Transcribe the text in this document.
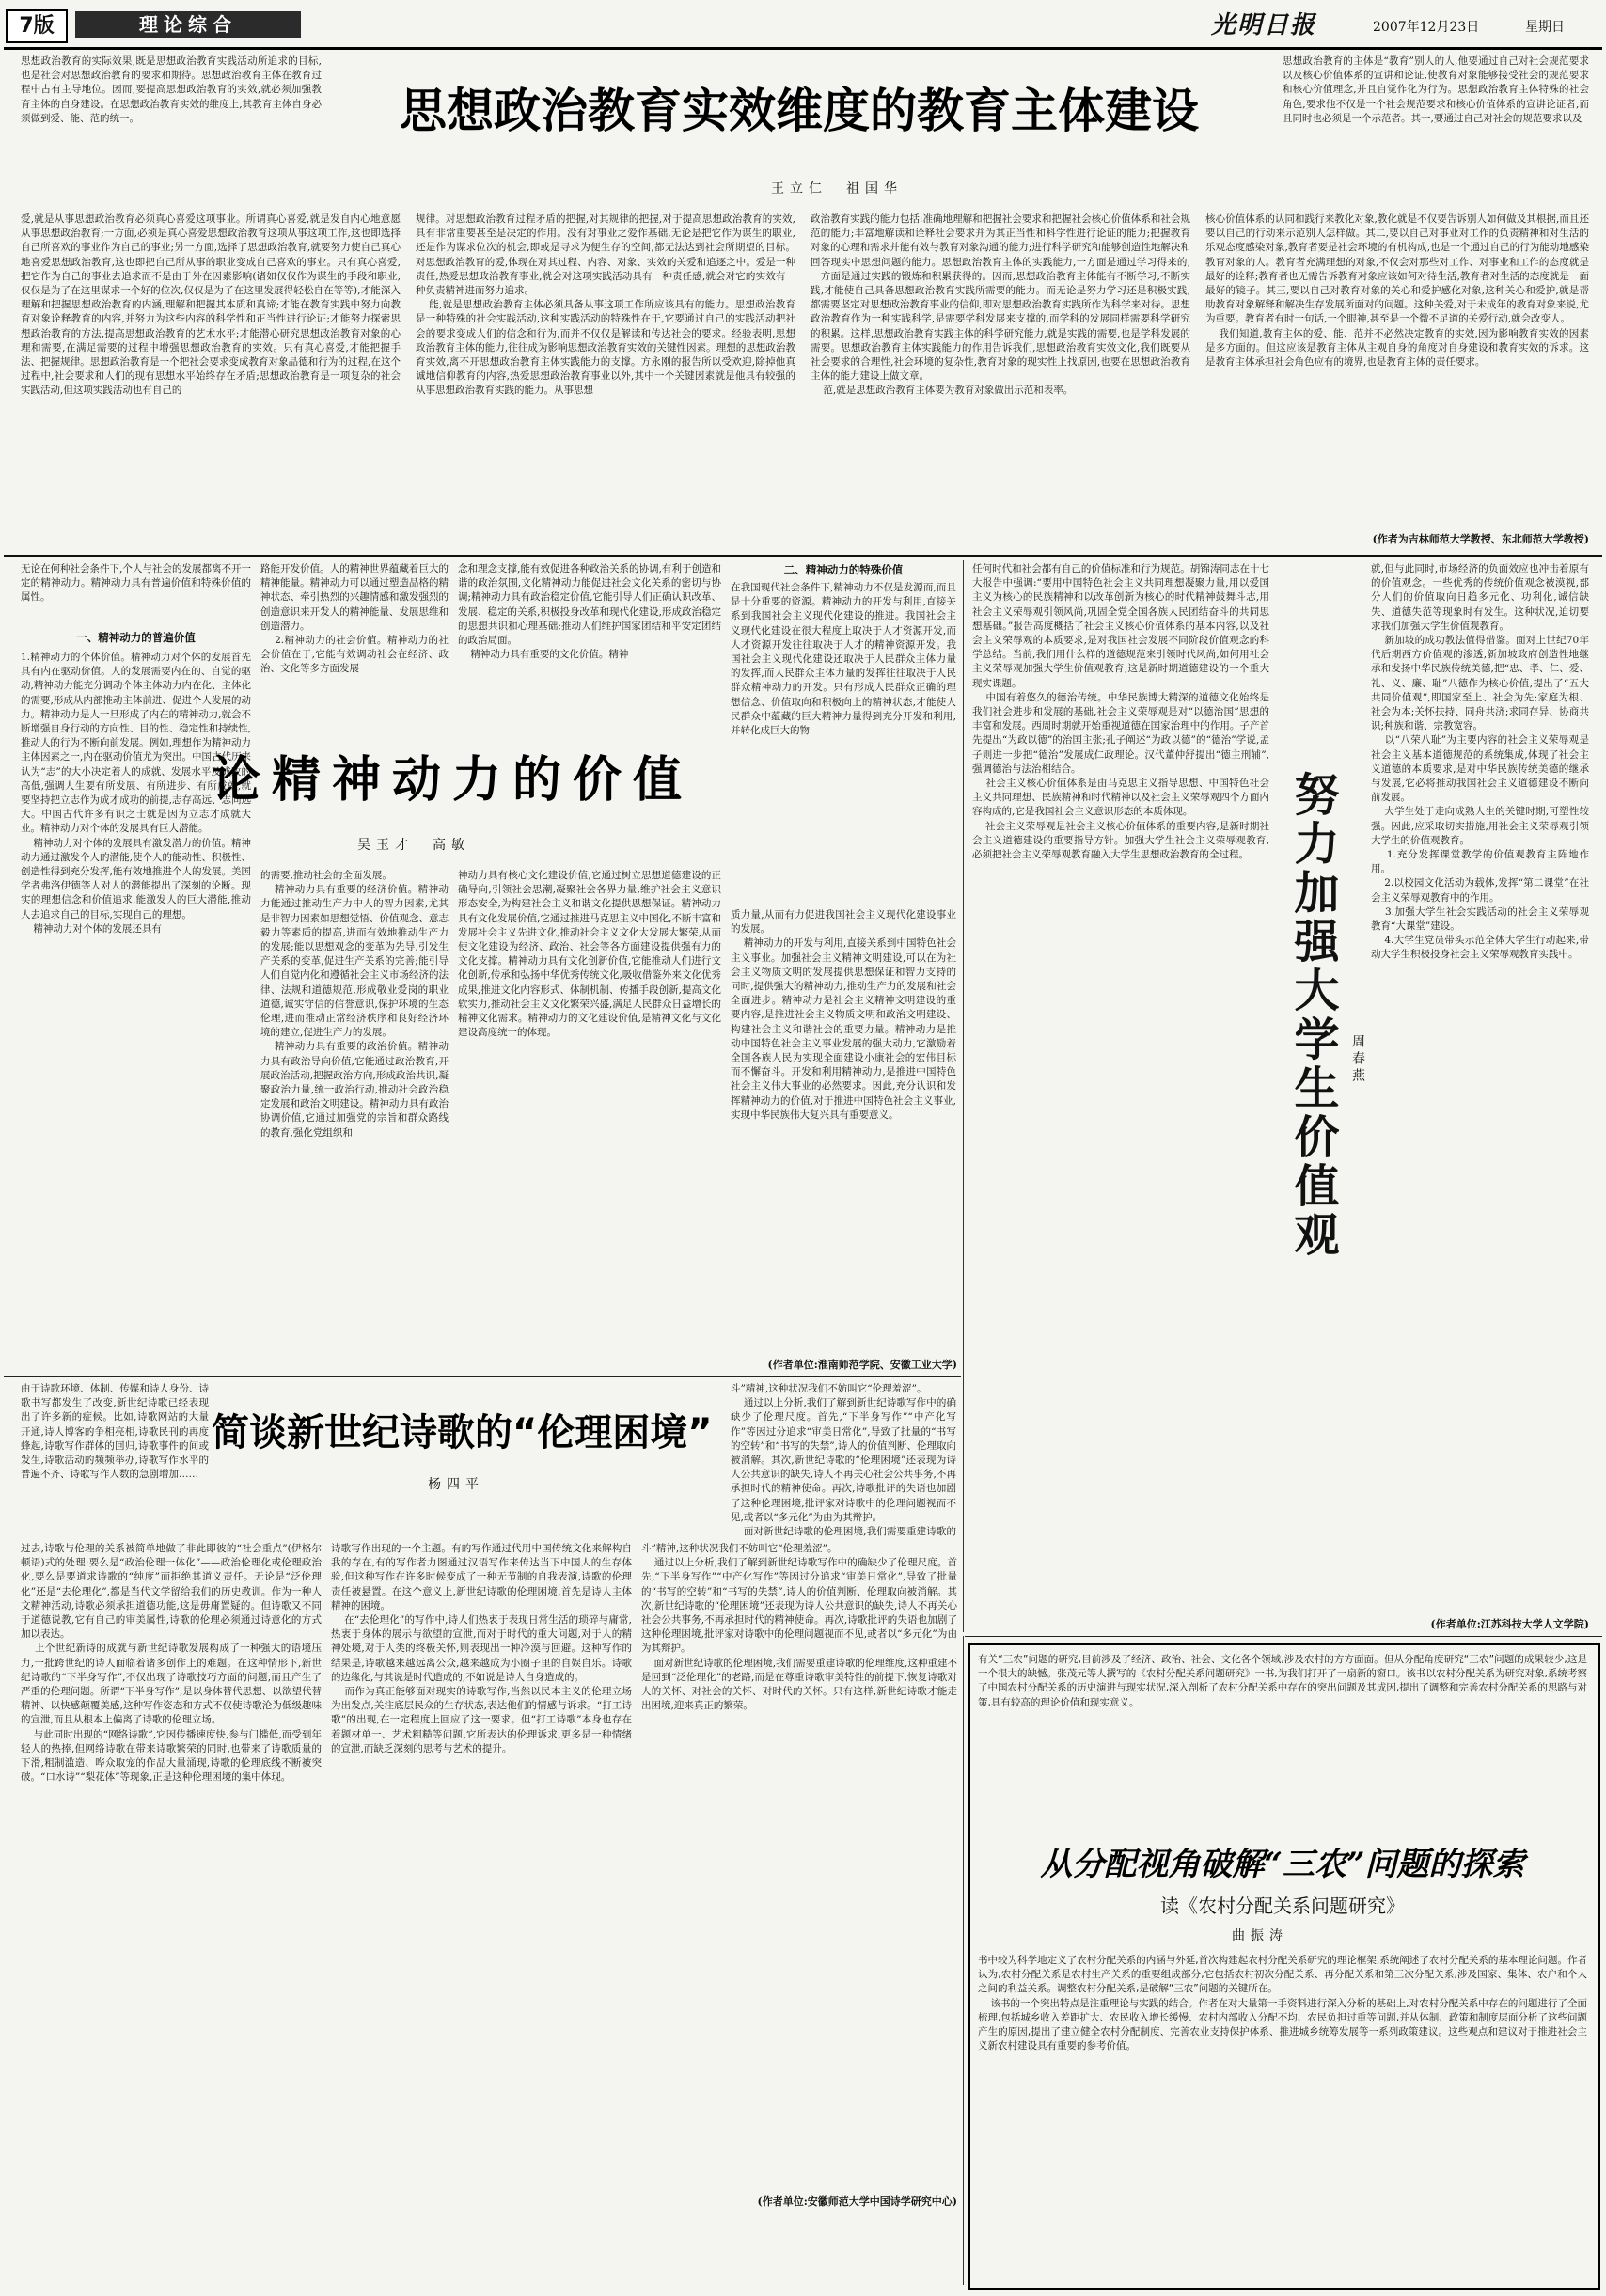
7版	理论综合	光明日报	2007年12月23日	星期日
思想政治教育的实际效果,既是思想政治教育实践活动所追求的目标,也是社会对思想政治教育的要求和期待。思想政治教育主体在教育过程中占有主导地位。因而,要提高思想政治教育的实效,就必须加强教育主体的自身建设。在思想政治教育实效的维度上,其教育主体自身必须做到爱、能、范的统一。	思想政治教育实效维度的教育主体建设
王立仁　祖国华
思想政治教育的主体是“教育”别人的人,他要通过自己对社会规范要求以及核心价值体系的宣讲和论证,使教育对象能够接受社会的规范要求和核心价值理念,并且自觉作化为行为。思想政治教育主体特殊的社会角色,要求他不仅是一个社会规范要求和核心价值体系的宣讲论证者,而且同时也必须是一个示范者。其一,要通过自己对社会的规范要求以及
爱,就是从事思想政治教育必须真心喜爱这项事业。所谓真心喜爱,就是发自内心地意愿从事思想政治教育;一方面,必须是真心喜爱思想政治教育这项从事这项工作,这也即选择自己所喜欢的事业作为自己的事业;另一方面,选择了思想政治教育,就要努力使自己真心地喜爱思想政治教育,这也即把自己所从事的职业变成自己喜欢的事业。只有真心喜爱,把它作为自己的事业去追求而不是由于外在因素影响(诸如仅仅作为谋生的手段和职业,仅仅是为了在这里谋求一个好的位次,仅仅是为了在这里发展得轻松自在等等),才能深入理解和把握思想政治教育的内涵,理解和把握其本质和真谛;才能在教育实践中努力向教育对象诠释教育的内容,并努力为这些内容的科学性和正当性进行论证;才能努力探索思想政治教育的方法,提高思想政治教育的艺术水平;才能潜心研究思想政治教育对象的心理和需要,在满足需要的过程中增强思想政治教育的实效。只有真心喜爱,才能把握手法、把握规律。思想政治教育是一个把社会要求变成教育对象品德和行为的过程,在这个过程中,社会要求和人们的现有思想水平始终存在矛盾;思想政治教育是一项复杂的社会实践活动,但这项实践活动也有自己的
规律。对思想政治教育过程矛盾的把握,对其规律的把握,对于提高思想政治教育的实效,具有非常重要甚至是决定的作用。没有对事业之爱作基础,无论是把它作为谋生的职业,还是作为谋求位次的机会,即或是寻求为便生存的空间,都无法达到社会所期望的目标。对思想政治教育的爱,体现在对其过程、内容、对象、实效的关爱和追逐之中。爱是一种责任,热爱思想政治教育事业,就会对这项实践活动具有一种责任感,就会对它的实效有一种负责精神进而努力追求。
能,就是思想政治教育主体必须具备从事这项工作所应该具有的能力。思想政治教育是一种特殊的社会实践活动,这种实践活动的特殊性在于,它要通过自己的实践活动把社会的要求变成人们的信念和行为,而并不仅仅是解读和传达社会的要求。经验表明,思想政治教育主体的能力,往往成为影响思想政治教育实效的关键性因素。理想的思想政治教育实效,离不开思想政治教育主体实践能力的支撑。方永刚的报告所以受欢迎,除掉他真诚地信仰教育的内容,热爱思想政治教育事业以外,其中一个关键因素就是他具有较强的从事思想政治教育实践的能力。从事思想
政治教育实践的能力包括:准确地理解和把握社会要求和把握社会核心价值体系和社会规范的能力;丰富地解读和诠释社会要求并为其正当性和科学性进行论证的能力;把握教育对象的心理和需求并能有效与教育对象沟通的能力;进行科学研究和能够创造性地解决和回答现实中思想问题的能力。思想政治教育主体的实践能力,一方面是通过学习得来的,一方面是通过实践的锻炼和积累获得的。因而,思想政治教育主体能有不断学习,不断实践,才能使自己具备思想政治教育实践所需要的能力。而无论是努力学习还是积极实践,都需要坚定对思想政治教育事业的信仰,即对思想政治教育实践所作为科学来对待。思想政治教育作为一种实践科学,是需要学科发展来支撑的,而学科的发展同样需要科学研究的积累。这样,思想政治教育实践主体的科学研究能力,就是实践的需要,也是学科发展的需要。思想政治教育主体实践能力的作用告诉我们,思想政治教育实效文化,我们既要从社会要求的合理性,社会环境的复杂性,教育对象的现实性上找原因,也要在思想政治教育主体的能力建设上做文章。
范,就是思想政治教育主体要为教育对象做出示范和表率。
核心价值体系的认同和践行来教化对象,教化就是不仅要告诉别人如何做及其根据,而且还要以自己的行动来示范别人怎样做。其二,要以自己对事业对工作的负责精神和对生活的乐观态度感染对象,教育者要是社会环境的有机构成,也是一个通过自己的行为能动地感染教育对象的人。教育者充满理想的对象,不仅会对那些对工作、对事业和工作的态度就是最好的诠释;教育者也无需告诉教育对象应该如何对待生活,教育者对生活的态度就是一面最好的镜子。其三,要以自己对教育对象的关心和爱护感化对象,这种关心和爱护,就是帮助教育对象解释和解决生存发展所面对的问题。这种关爱,对于未成年的教育对象来说,尤为重要。教育者有时一句话,一个眼神,甚至是一个微不足道的关爱行动,就会改变人。
我们知道,教育主体的爱、能、范并不必然决定教育的实效,因为影响教育实效的因素是多方面的。但这应该是教育主体从主观自身的角度对自身建设和教育实效的诉求。这是教育主体承担社会角色应有的境界,也是教育主体的责任要求。
(作者为吉林师范大学教授、东北师范大学教授)
无论在何种社会条件下,个人与社会的发展都离不开一定的精神动力。精神动力具有普遍价值和特殊价值的属性。
一、精神动力的普遍价值
1.精神动力的个体价值。精神动力对个体的发展首先具有内在驱动价值。人的发展需要内在的、自觉的驱动,精神动力能充分调动个体主体动力内在化、主体化的需要,形成从内部推动主体前进、促进个人发展的动力。精神动力是人一旦形成了内在的精神动力,就会不断增强自身行动的方向性、目的性、稳定性和持续性,推动人的行为不断向前发展。例如,理想作为精神动力主体因素之一,内在驱动价值尤为突出。中国古代历来认为“志”的大小决定着人的成就、发展水平及成败的高低,强调人生要有所发展、有所进步、有所成就,就要坚持把立志作为成才成功的前提,志存高远、志向远大。中国古代许多有识之士就是因为立志才成就大业。精神动力对个体的发展具有巨大潜能。
精神动力对个体的发展具有激发潜力的价值。精神动力通过激发个人的潜能,使个人的能动性、积极性、创造性得到充分发挥,能有效地推进个人的发展。美国学者弗洛伊德等人对人的潜能提出了深刻的论断。现实的理想信念和价值追求,能激发人的巨大潜能,推动人去追求自己的目标,实现自己的理想。
精神动力对个体的发展还具有
路能开发价值。人的精神世界蕴藏着巨大的精神能量。精神动力可以通过塑造品格的精神状态、牵引热烈的兴趣情感和激发强烈的创造意识来开发人的精神能量、发展思维和创造潜力。
2.精神动力的社会价值。精神动力的社会价值在于,它能有效调动社会在经济、政治、文化等多方面发展
念和理念支撑,能有效促进各种政治关系的协调,有利于创造和谐的政治氛围,文化精神动力能促进社会文化关系的密切与协调;精神动力具有政治稳定价值,它能引导人们正确认识改革、发展、稳定的关系,积极投身改革和现代化建设,形成政治稳定的思想共识和心理基础;推动人们维护国家团结和平安定团结的政治局面。
精神动力具有重要的文化价值。精神
二、精神动力的特殊价值
在我国现代社会条件下,精神动力不仅是发源而,而且是十分重要的资源。精神动力的开发与利用,直接关系到我国社会主义现代化建设的推进。我国社会主义现代化建设在很大程度上取决于人才资源开发,而人才资源开发往往取决于人才的精神资源开发。我国社会主义现代化建设还取决于人民群众主体力量的发挥,而人民群众主体力量的发挥往往取决于人民群众精神动力的开发。只有形成人民群众正确的理想信念、价值取向和积极向上的精神状态,才能使人民群众中蕴藏的巨大精神力量得到充分开发和利用,并转化成巨大的物
论精神动力的价值
吴玉才　高敏
的需要,推动社会的全面发展。
精神动力具有重要的经济价值。精神动力能通过推动生产力中人的智力因素,尤其是非智力因素如思想觉悟、价值观念、意志毅力等素质的提高,进而有效地推动生产力的发展;能以思想观念的变革为先导,引发生产关系的变革,促进生产关系的完善;能引导人们自觉内化和遵循社会主义市场经济的法律、法规和道德规范,形成敬业爱岗的职业道德,诚实守信的信誉意识,保护环境的生态伦理,进而推动正常经济秩序和良好经济环境的建立,促进生产力的发展。
精神动力具有重要的政治价值。精神动力具有政治导向价值,它能通过政治教育,开展政治活动,把握政治方向,形成政治共识,凝聚政治力量,统一政治行动,推动社会政治稳定发展和政治文明建设。精神动力具有政治协调价值,它通过加强党的宗旨和群众路线的教育,强化党组织和
神动力具有核心文化建设价值,它通过树立思想道德建设的正确导向,引领社会思潮,凝聚社会各界力量,维护社会主义意识形态安全,为构建社会主义和谐文化提供思想保证。精神动力具有文化发展价值,它通过推进马克思主义中国化,不断丰富和发展社会主义先进文化,推动社会主义文化大发展大繁荣,从而使文化建设为经济、政治、社会等各方面建设提供强有力的文化支撑。精神动力具有文化创新价值,它能推动人们进行文化创新,传承和弘扬中华优秀传统文化,吸收借鉴外来文化优秀成果,推进文化内容形式、体制机制、传播手段创新,提高文化软实力,推动社会主义文化繁荣兴盛,满足人民群众日益增长的精神文化需求。精神动力的文化建设价值,是精神文化与文化建设高度统一的体现。
质力量,从而有力促进我国社会主义现代化建设事业的发展。
精神动力的开发与利用,直接关系到中国特色社会主义事业。加强社会主义精神文明建设,可以在为社会主义物质文明的发展提供思想保证和智力支持的同时,提供强大的精神动力,推动生产力的发展和社会全面进步。精神动力是社会主义精神文明建设的重要内容,是推进社会主义物质文明和政治文明建设、构建社会主义和谐社会的重要力量。精神动力是推动中国特色社会主义事业发展的强大动力,它激励着全国各族人民为实现全面建设小康社会的宏伟目标而不懈奋斗。开发和利用精神动力,是推进中国特色社会主义伟大事业的必然要求。因此,充分认识和发挥精神动力的价值,对于推进中国特色社会主义事业,实现中华民族伟大复兴具有重要意义。
(作者单位:淮南师范学院、安徽工业大学)
任何时代和社会都有自己的价值标准和行为规范。胡锦涛同志在十七大报告中强调:“要用中国特色社会主义共同理想凝聚力量,用以爱国主义为核心的民族精神和以改革创新为核心的时代精神鼓舞斗志,用社会主义荣辱观引领风尚,巩固全党全国各族人民团结奋斗的共同思想基础。”报告高度概括了社会主义核心价值体系的基本内容,以及社会主义荣辱观的本质要求,是对我国社会发展不同阶段价值观念的科学总结。当前,我们用什么样的道德规范来引领时代风尚,如何用社会主义荣辱观加强大学生价值观教育,这是新时期道德建设的一个重大现实课题。
中国有着悠久的德治传统。中华民族博大精深的道德文化始终是我们社会进步和发展的基础,社会主义荣辱观是对“以德治国”思想的丰富和发展。西周时期就开始重视道德在国家治理中的作用。子产首先提出“为政以德”的治国主张;孔子阐述“为政以德”的“德治”学说,孟子则进一步把“德治”发展成仁政理论。汉代董仲舒提出“德主刑辅”,强调德治与法治相结合。
社会主义核心价值体系是由马克思主义指导思想、中国特色社会主义共同理想、民族精神和时代精神以及社会主义荣辱观四个方面内容构成的,它是我国社会主义意识形态的本质体现。
社会主义荣辱观是社会主义核心价值体系的重要内容,是新时期社会主义道德建设的重要指导方针。加强大学生社会主义荣辱观教育,必须把社会主义荣辱观教育融入大学生思想政治教育的全过程。
努力加强大学生价值观
周春燕
就,但与此同时,市场经济的负面效应也冲击着原有的价值观念。一些优秀的传统价值观念被漠视,部分人们的价值取向日趋多元化、功利化,诚信缺失、道德失范等现象时有发生。这种状况,迫切要求我们加强大学生价值观教育。
新加坡的成功教法值得借鉴。面对上世纪70年代后期西方价值观的渗透,新加坡政府创造性地继承和发扬中华民族传统美德,把“忠、孝、仁、爱、礼、义、廉、耻”八德作为核心价值,提出了“五大共同价值观”,即国家至上、社会为先;家庭为根、社会为本;关怀扶持、同舟共济;求同存异、协商共识;种族和谐、宗教宽容。
以“八荣八耻”为主要内容的社会主义荣辱观是社会主义基本道德规范的系统集成,体现了社会主义道德的本质要求,是对中华民族传统美德的继承与发展,它必将推动我国社会主义道德建设不断向前发展。
大学生处于走向成熟人生的关键时期,可塑性较强。因此,应采取切实措施,用社会主义荣辱观引领大学生的价值观教育。
1.充分发挥课堂教学的价值观教育主阵地作用。
2.以校园文化活动为载体,发挥“第二课堂”在社会主义荣辱观教育中的作用。
3.加强大学生社会实践活动的社会主义荣辱观教育“大课堂”建设。
4.大学生党员带头示范全体大学生行动起来,带动大学生积极投身社会主义荣辱观教育实践中。
(作者单位:江苏科技大学人文学院)
由于诗歌环境、体制、传媒和诗人身份、诗歌书写都发生了改变,新世纪诗歌已经表现出了许多新的症候。比如,诗歌网站的大量开通,诗人博客的争相亮相,诗歌民刊的再度蜂起,诗歌写作群体的回归,诗歌事件的间或发生,诗歌活动的频频举办,诗歌写作水平的普遍不齐、诗歌写作人数的急剧增加……
简谈新世纪诗歌的“伦理困境”
杨四平
斗”精神,这种状况我们不妨叫它“伦理羞涩”。
通过以上分析,我们了解到新世纪诗歌写作中的确缺少了伦理尺度。首先,“下半身写作”“中产化写作”等因过分追求“审美日常化”,导致了批量的“书写的空转”和“书写的失禁”,诗人的价值判断、伦理取向被消解。其次,新世纪诗歌的“伦理困境”还表现为诗人公共意识的缺失,诗人不再关心社会公共事务,不再承担时代的精神使命。再次,诗歌批评的失语也加剧了这种伦理困境,批评家对诗歌中的伦理问题视而不见,或者以“多元化”为由为其辩护。
面对新世纪诗歌的伦理困境,我们需要重建诗歌的
过去,诗歌与伦理的关系被简单地做了非此即彼的“社会重点”(伊格尔顿语)式的处理:要么是“政治伦理一体化”——政治伦理化或伦理政治化,要么是要道求诗歌的“纯度”而拒绝其道义责任。无论是“泛伦理化”还是“去伦理化”,都是当代文学留给我们的历史教训。作为一种人文精神活动,诗歌必须承担道德功能,这是毋庸置疑的。但诗歌又不同于道德说教,它有自己的审美属性,诗歌的伦理必须通过诗意化的方式加以表达。
上个世纪新诗的成就与新世纪诗歌发展构成了一种强大的语境压力,一批跨世纪的诗人面临着诸多创作上的难题。在这种情形下,新世纪诗歌的“下半身写作”,不仅出现了诗歌技巧方面的问题,而且产生了严重的伦理问题。所谓“下半身写作”,是以身体替代思想、以欲望代替精神、以快感颠覆美感,这种写作姿态和方式不仅使诗歌沦为低级趣味的宣泄,而且从根本上偏离了诗歌的伦理立场。
与此同时出现的“网络诗歌”,它因传播速度快,参与门槛低,而受到年轻人的热捧,但网络诗歌在带来诗歌繁荣的同时,也带来了诗歌质量的下滑,粗制滥造、哗众取宠的作品大量涌现,诗歌的伦理底线不断被突破。“口水诗”“梨花体”等现象,正是这种伦理困境的集中体现。
诗歌写作出现的一个主题。有的写作通过代用中国传统文化来解构自我的存在,有的写作者力图通过汉语写作来传达当下中国人的生存体验,但这种写作在许多时候变成了一种无节制的自我表演,诗歌的伦理责任被悬置。在这个意义上,新世纪诗歌的伦理困境,首先是诗人主体精神的困境。
在“去伦理化”的写作中,诗人们热衷于表现日常生活的琐碎与庸常,热衷于身体的展示与欲望的宣泄,而对于时代的重大问题,对于人的精神处境,对于人类的终极关怀,则表现出一种冷漠与回避。这种写作的结果是,诗歌越来越远离公众,越来越成为小圈子里的自娱自乐。诗歌的边缘化,与其说是时代造成的,不如说是诗人自身造成的。
而作为真正能够面对现实的诗歌写作,当然以民本主义的伦理立场为出发点,关注底层民众的生存状态,表达他们的情感与诉求。“打工诗歌”的出现,在一定程度上回应了这一要求。但“打工诗歌”本身也存在着题材单一、艺术粗糙等问题,它所表达的伦理诉求,更多是一种情绪的宣泄,而缺乏深刻的思考与艺术的提升。
斗”精神,这种状况我们不妨叫它“伦理羞涩”。
通过以上分析,我们了解到新世纪诗歌写作中的确缺少了伦理尺度。首先,“下半身写作”“中产化写作”等因过分追求“审美日常化”,导致了批量的“书写的空转”和“书写的失禁”,诗人的价值判断、伦理取向被消解。其次,新世纪诗歌的“伦理困境”还表现为诗人公共意识的缺失,诗人不再关心社会公共事务,不再承担时代的精神使命。再次,诗歌批评的失语也加剧了这种伦理困境,批评家对诗歌中的伦理问题视而不见,或者以“多元化”为由为其辩护。
面对新世纪诗歌的伦理困境,我们需要重建诗歌的伦理维度,这种重建不是回到“泛伦理化”的老路,而是在尊重诗歌审美特性的前提下,恢复诗歌对人的关怀、对社会的关怀、对时代的关怀。只有这样,新世纪诗歌才能走出困境,迎来真正的繁荣。
(作者单位:安徽师范大学中国诗学研究中心)
有关“三农”问题的研究,目前涉及了经济、政治、社会、文化各个领域,涉及农村的方方面面。但从分配角度研究“三农”问题的成果较少,这是一个很大的缺憾。张茂元等人撰写的《农村分配关系问题研究》一书,为我们打开了一扇新的窗口。该书以农村分配关系为研究对象,系统考察了中国农村分配关系的历史演进与现实状况,深入剖析了农村分配关系中存在的突出问题及其成因,提出了调整和完善农村分配关系的思路与对策,具有较高的理论价值和现实意义。
从分配视角破解“三农”问题的探索
读《农村分配关系问题研究》
曲振涛
书中较为科学地定义了农村分配关系的内涵与外延,首次构建起农村分配关系研究的理论框架,系统阐述了农村分配关系的基本理论问题。作者认为,农村分配关系是农村生产关系的重要组成部分,它包括农村初次分配关系、再分配关系和第三次分配关系,涉及国家、集体、农户和个人之间的利益关系。调整农村分配关系,是破解“三农”问题的关键所在。
该书的一个突出特点是注重理论与实践的结合。作者在对大量第一手资料进行深入分析的基础上,对农村分配关系中存在的问题进行了全面梳理,包括城乡收入差距扩大、农民收入增长缓慢、农村内部收入分配不均、农民负担过重等问题,并从体制、政策和制度层面分析了这些问题产生的原因,提出了建立健全农村分配制度、完善农业支持保护体系、推进城乡统筹发展等一系列政策建议。这些观点和建议对于推进社会主义新农村建设具有重要的参考价值。
